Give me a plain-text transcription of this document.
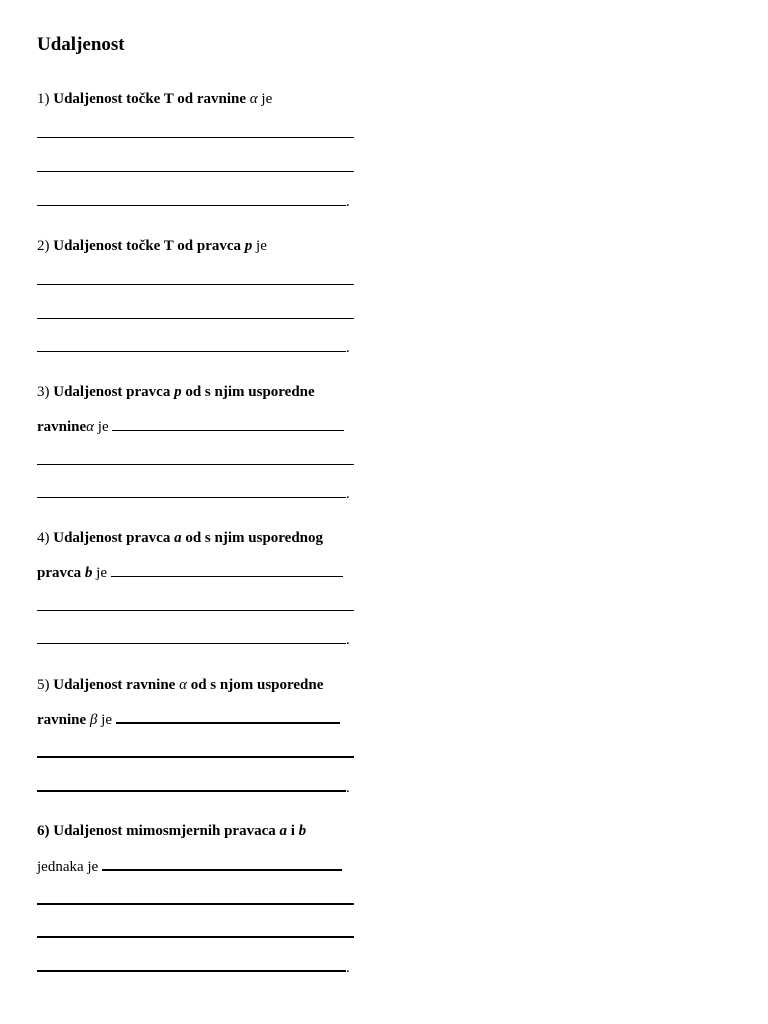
Udaljenost
1) Udaljenost točke T od ravnine α je
.
2) Udaljenost točke T od pravca p je
.
3) Udaljenost pravca p od s njim usporedne
ravnineα je
.
4) Udaljenost pravca a od s njim usporednog
pravca b je
.
5) Udaljenost ravnine α od s njom usporedne
ravnine β je
.
6) Udaljenost mimosmjernih pravaca a i b
jednaka je
.
